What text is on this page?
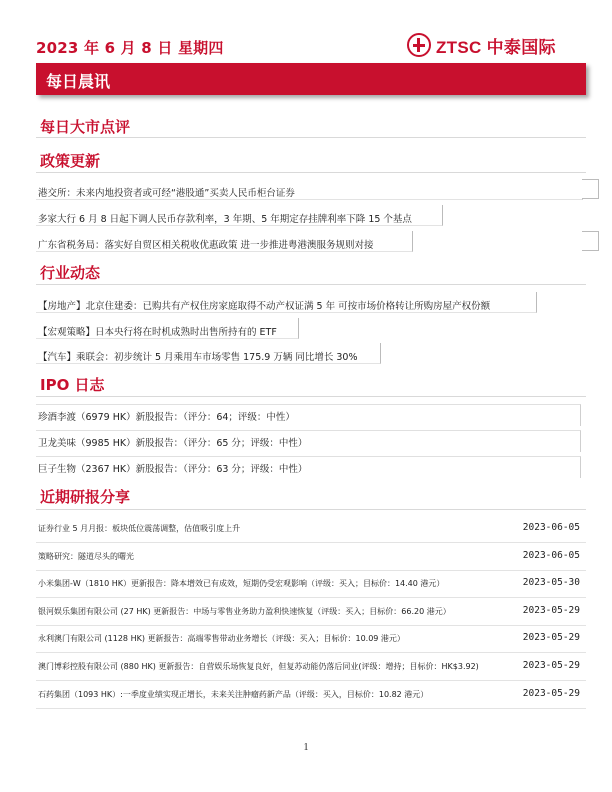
2023 年 6 月 8 日 星期四	ZTSC 中泰国际
每日晨讯
每日大市点评
政策更新
港交所：未来内地投资者或可经“港股通”买卖人民币柜台证券
多家大行 6 月 8 日起下调人民币存款利率，3 年期、5 年期定存挂牌利率下降 15 个基点
广东省税务局：落实好自贸区相关税收优惠政策 进一步推进粤港澳服务规则对接
行业动态
【房地产】北京住建委：已购共有产权住房家庭取得不动产权证满 5 年 可按市场价格转让所购房屋产权份额
【宏观策略】日本央行将在时机成熟时出售所持有的 ETF
【汽车】乘联会：初步统计 5 月乘用车市场零售 175.9 万辆 同比增长 30%
IPO 日志
珍酒李渡（6979 HK）新股报告：（评分：64；评级：中性）
卫龙美味（9985 HK）新股报告：（评分：65 分；评级：中性）
巨子生物（2367 HK）新股报告：（评分：63 分；评级：中性）
近期研报分享
证券行业 5 月月报：板块低位震荡调整，估值吸引度上升	2023-06-05
策略研究：隧道尽头的曙光	2023-06-05
小米集团-W（1810 HK）更新报告：降本增效已有成效，短期仍受宏观影响（评级：买入；目标价：14.40 港元）	2023-05-30
银河娱乐集团有限公司 (27 HK) 更新报告：中场与零售业务助力盈利快速恢复（评级：买入；目标价：66.20 港元）	2023-05-29
永利澳门有限公司 (1128 HK) 更新报告：高端零售带动业务增长（评级：买入；目标价：10.09 港元）	2023-05-29
澳门博彩控股有限公司 (880 HK) 更新报告：自营娱乐场恢复良好，但复苏动能仍落后同业(评级：增持；目标价：HK$3.92)	2023-05-29
石药集团（1093 HK）:一季度业绩实现正增长，未来关注肿瘤药新产品（评级：买入，目标价：10.82 港元）	2023-05-29
1
